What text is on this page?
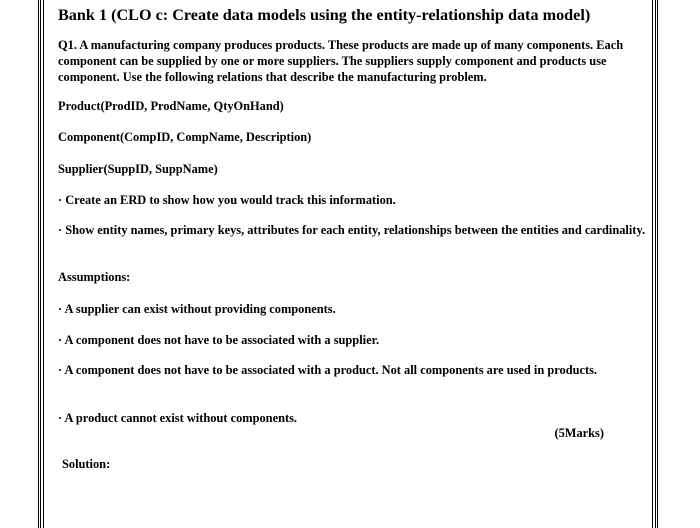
Bank 1 (CLO c: Create data models using the entity-relationship data model)
Q1. A manufacturing company produces products. These products are made up of many components. Each component can be supplied by one or more suppliers. The suppliers supply component and products use component. Use the following relations that describe the manufacturing problem.
Product(ProdID, ProdName, QtyOnHand)
Component(CompID, CompName, Description)
Supplier(SuppID, SuppName)
· Create an ERD to show how you would track this information.
· Show entity names, primary keys, attributes for each entity, relationships between the entities and cardinality.
Assumptions:
· A supplier can exist without providing components.
· A component does not have to be associated with a supplier.
· A component does not have to be associated with a product. Not all components are used in products.
· A product cannot exist without components.
(5Marks)
Solution:
